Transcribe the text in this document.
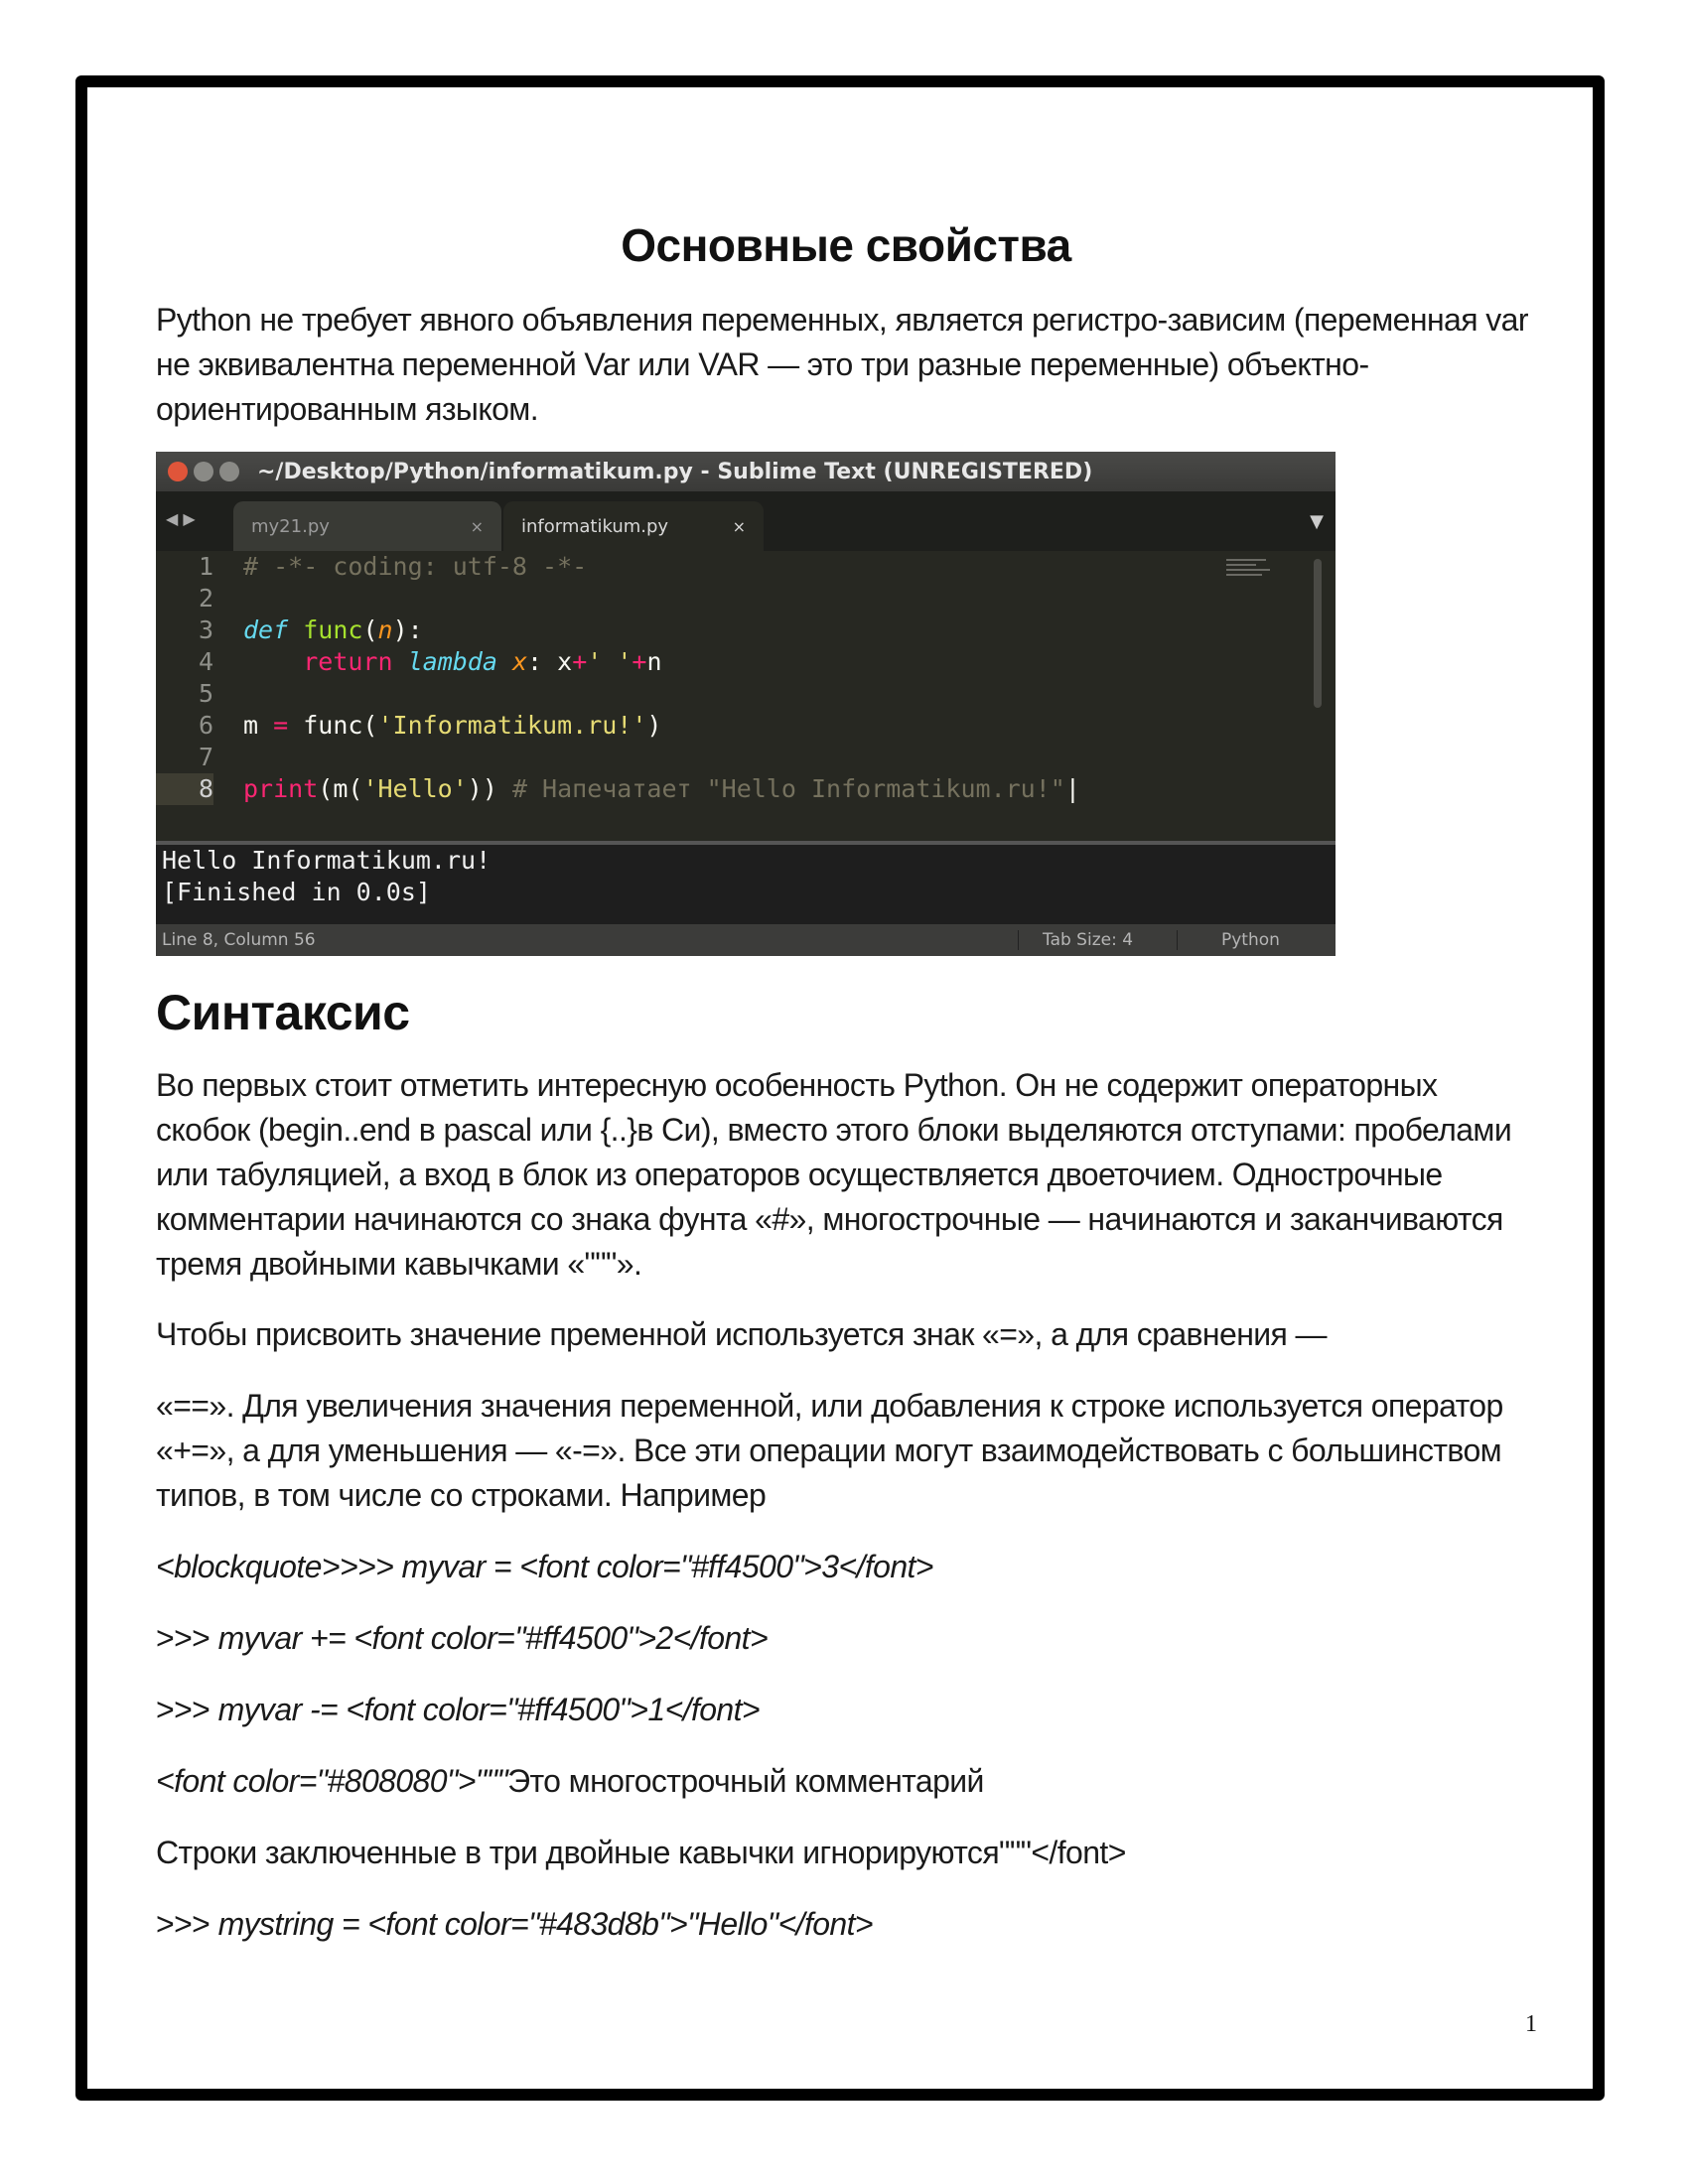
Основные свойства

Python не требует явного объявления переменных, является регистро-зависим (переменная var не эквивалентна переменной Var или VAR — это три разные переменные) объектно-ориентированным языком.

~/Desktop/Python/informatikum.py - Sublime Text (UNREGISTERED)
◀ ▶	my21.py	× informatikum.py	×	▼
1
2
3
4
5
6
7
8
# -*- coding: utf-8 -*-

def func(n):
return lambda x: x+' '+n

m = func('Informatikum.ru!')

print(m('Hello')) # Напечатает "Hello Informatikum.ru!"|
Hello Informatikum.ru!
[Finished in 0.0s]
Line 8, Column 56	Tab Size: 4	Python
Синтаксис

Во первых стоит отметить интересную особенность Python. Он не содержит операторных скобок (begin..end в pascal или {..}в Си), вместо этого блоки выделяются отступами: пробелами или табуляцией, а вход в блок из операторов осуществляется двоеточием. Однострочные комментарии начинаются со знака фунта «#», многострочные — начинаются и заканчиваются тремя двойными кавычками «"""».

Чтобы присвоить значение пременной используется знак «=», а для сравнения —

«==». Для увеличения значения переменной, или добавления к строке используется оператор «+=», а для уменьшения — «-=». Все эти операции могут взаимодействовать с большинством типов, в том числе со строками. Например

<blockquote>>>> myvar = <font color="#ff4500">3</font>

>>> myvar += <font color="#ff4500">2</font>

>>> myvar -= <font color="#ff4500">1</font>

<font color="#808080">"""Это многострочный комментарий

Строки заключенные в три двойные кавычки игнорируются"""</font>

>>> mystring = <font color="#483d8b">"Hello"</font>

1
